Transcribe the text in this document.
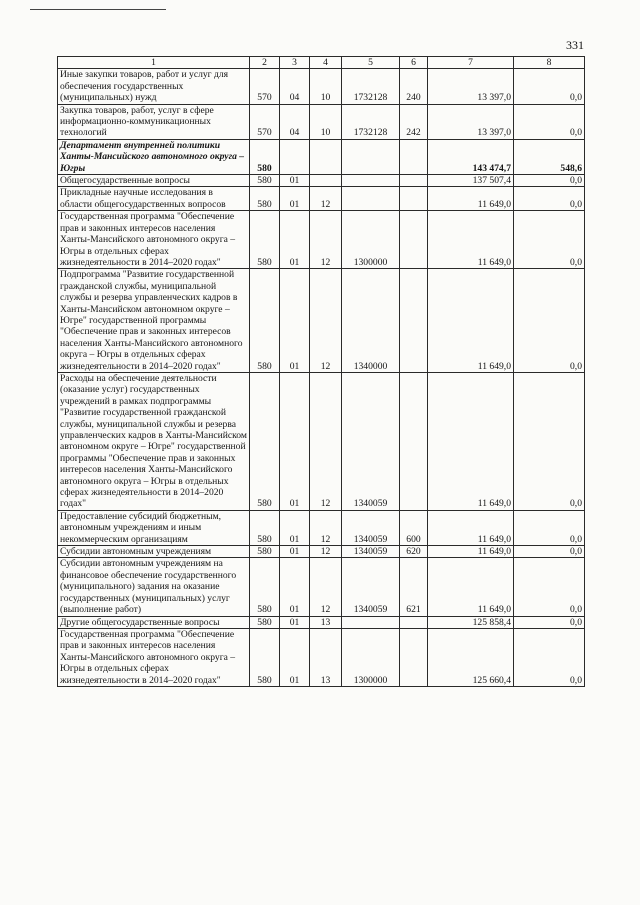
331
1	2	3	4	5	6	7	8
Иные закупки товаров, работ и услуг для обеспечения государственных (муниципальных) нужд	570	04	10	1732128	240	13 397,0	0,0
Закупка товаров, работ, услуг в сфере информационно-коммуникационных технологий	570	04	10	1732128	242	13 397,0	0,0
Департамент внутренней политики Ханты-Мансийского автономного округа – Югры	580					143 474,7	548,6
Общегосударственные вопросы	580	01				137 507,4	0,0
Прикладные научные исследования в области общегосударственных вопросов	580	01	12			11 649,0	0,0
Государственная программа "Обеспечение прав и законных интересов населения Ханты-Мансийского автономного округа – Югры в отдельных сферах жизнедеятельности в 2014–2020 годах"	580	01	12	1300000		11 649,0	0,0
Подпрограмма "Развитие государственной гражданской службы, муниципальной службы и резерва управленческих кадров в Ханты-Мансийском автономном округе – Югре" государственной программы "Обеспечение прав и законных интересов населения Ханты-Мансийского автономного округа – Югры в отдельных сферах жизнедеятельности в 2014–2020 годах"	580	01	12	1340000		11 649,0	0,0
Расходы на обеспечение деятельности (оказание услуг) государственных учреждений в рамках подпрограммы "Развитие государственной гражданской службы, муниципальной службы и резерва управленческих кадров в Ханты-Мансийском автономном округе – Югре" государственной программы "Обеспечение прав и законных интересов населения Ханты-Мансийского автономного округа – Югры в отдельных сферах жизнедеятельности в 2014–2020 годах"	580	01	12	1340059		11 649,0	0,0
Предоставление субсидий бюджетным, автономным учреждениям и иным некоммерческим организациям	580	01	12	1340059	600	11 649,0	0,0
Субсидии автономным учреждениям	580	01	12	1340059	620	11 649,0	0,0
Субсидии автономным учреждениям на финансовое обеспечение государственного (муниципального) задания на оказание государственных (муниципальных) услуг (выполнение работ)	580	01	12	1340059	621	11 649,0	0,0
Другие общегосударственные вопросы	580	01	13			125 858,4	0,0
Государственная программа "Обеспечение прав и законных интересов населения Ханты-Мансийского автономного округа – Югры в отдельных сферах жизнедеятельности в 2014–2020 годах"	580	01	13	1300000		125 660,4	0,0
